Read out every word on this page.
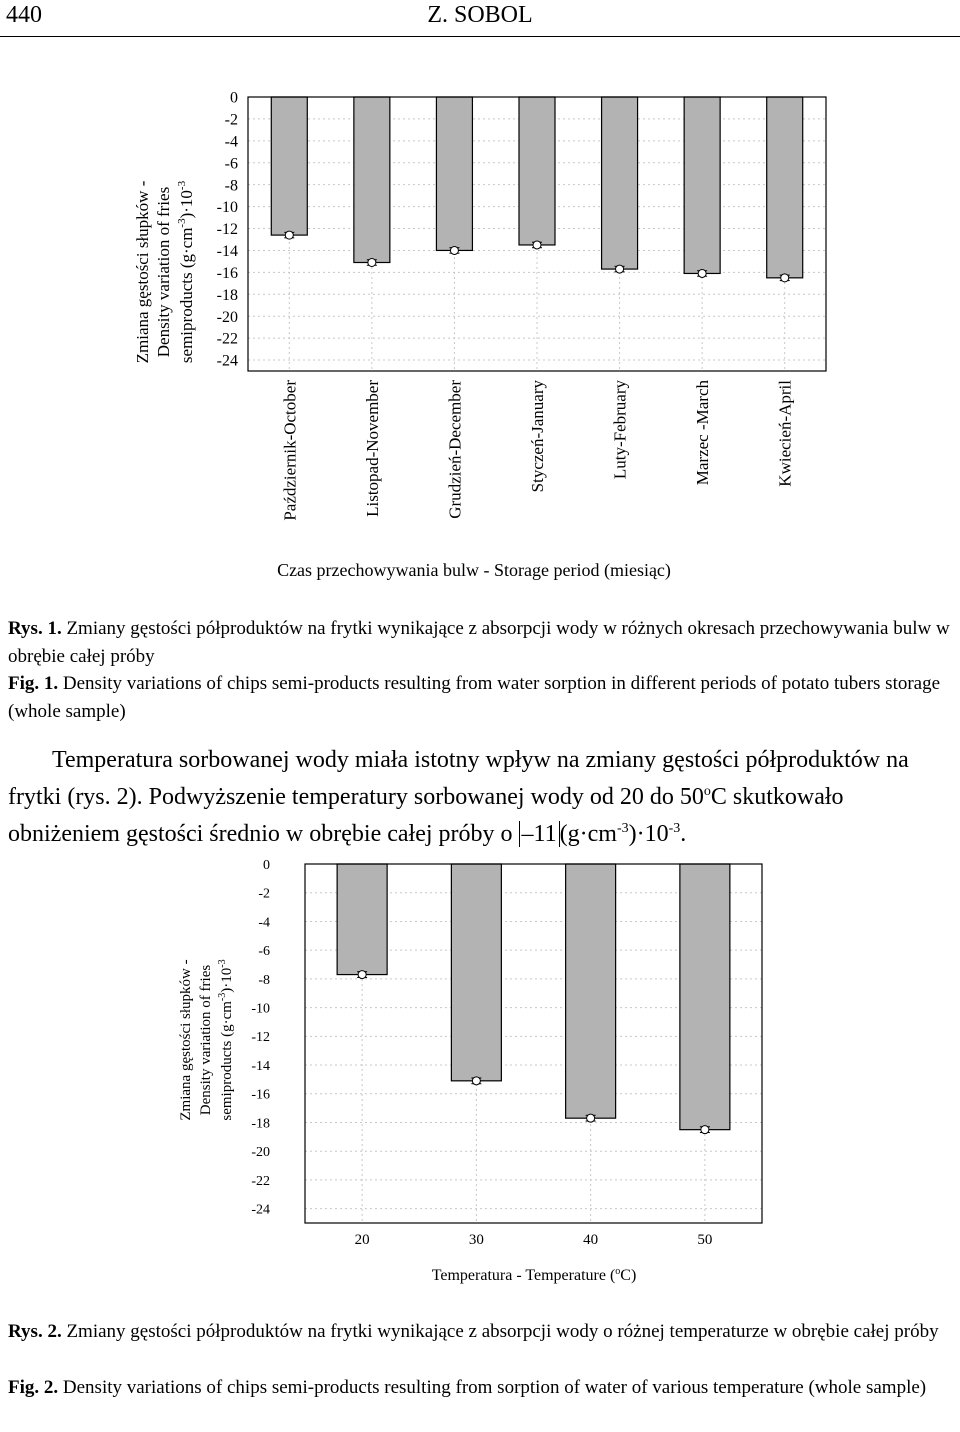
440	Z. SOBOL
0
-2
-4
-6
-8
-10
-12
-14
-16
-18
-20
-22
-24
Październik-October	Listopad-November	Grudzień-December	Styczeń-January	Luty-February	Marzec -March	Kwiecień-April
Zmiana gęstości słupków - Density variation of fries semiproducts $(g\cdot cm^{-3})\cdot 10^{-3}$
Czas przechowywania bulw - Storage period (miesiąc)
Rys. 1. Zmiany gęstości półproduktów na frytki wynikające z absorpcji wody w różnych okresach przechowywania bulw w obrębie całej próby
Fig. 1. Density variations of chips semi-products resulting from water sorption in different periods of potato tubers storage (whole sample)
Temperatura sorbowanej wody miała istotny wpływ na zmiany gęstości półproduktów na frytki (rys. 2). Podwyższenie temperatury sorbowanej wody od 20 do 50$^o$C skutkowało obniżeniem gęstości średnio w obrębie całej próby o –11 $(g\cdot cm^{-3})\cdot 10^{-3}$.
0
-2
-4
-6
-8
-10
-12
-14
-16
-18
-20
-22
-24
20	30	40	50
Zmiana gęstości słupków - Density variation of fries semiproducts $(g\cdot cm^{-3})\cdot 10^{-3}$
Temperatura - Temperature ($^o$C)
Rys. 2. Zmiany gęstości półproduktów na frytki wynikające z absorpcji wody o różnej temperaturze w obrębie całej próby
Fig. 2. Density variations of chips semi-products resulting from sorption of water of various temperature (whole sample)
